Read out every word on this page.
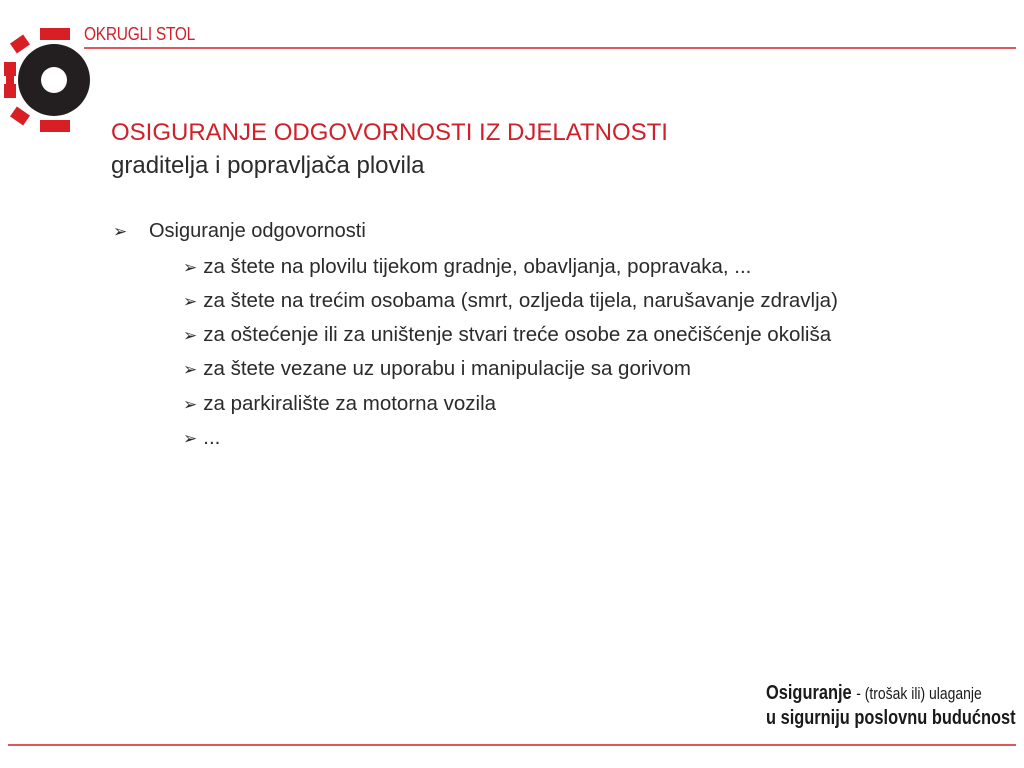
OKRUGLI STOL
OSIGURANJE ODGOVORNOSTI IZ DJELATNOSTI graditelja i popravljača plovila
➢ Osiguranje odgovornosti
➢ za štete na plovilu tijekom gradnje, obavljanja, popravaka, ...
➢ za štete na trećim osobama (smrt, ozljeda tijela, narušavanje zdravlja)
➢ za oštećenje ili za uništenje stvari treće osobe za onečišćenje okoliša
➢ za štete vezane uz uporabu i manipulacije sa gorivom
➢ za parkiralište za motorna vozila
➢ ...
Osiguranje - (trošak ili) ulaganje
u sigurniju poslovnu budućnost
